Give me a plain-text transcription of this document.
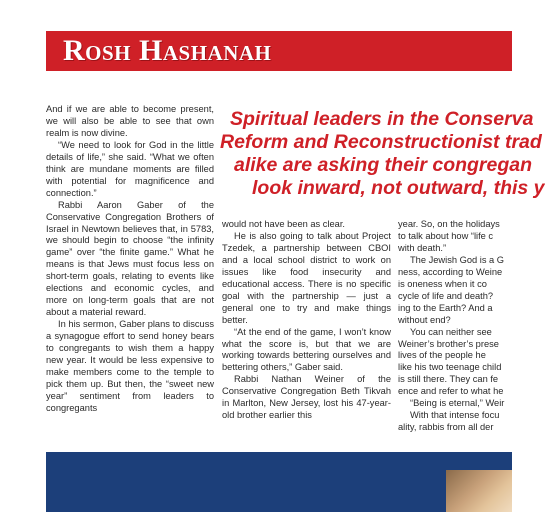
Rosh Hashanah

And if we are able to become present, we will also be able to see that own realm is now divine.

“We need to look for God in the little details of life,” she said. “What we often think are mundane moments are filled with potential for magnificence and connection.”

Rabbi Aaron Gaber of the Conservative Congregation Brothers of Israel in Newtown believes that, in 5783, we should begin to choose “the infinity game” over “the finite game.” What he means is that Jews must focus less on short-term goals, relating to events like elections and economic cycles, and more on long-term goals that are not about a material reward.

In his sermon, Gaber plans to discuss a synagogue effort to send honey bears to congregants to wish them a happy new year. It would be less expensive to make members come to the temple to pick them up. But then, the “sweet new year” sentiment from leaders to congregants

Spiritual leaders in the Conserva
Reform and Reconstructionist trad
alike are asking their congregan
look inward, not outward, this y

would not have been as clear.

He is also going to talk about Project Tzedek, a partnership between CBOI and a local school district to work on issues like food insecurity and educational access. There is no specific goal with the partnership — just a general one to try and make things better.

“At the end of the game, I won’t know what the score is, but that we are working towards bettering ourselves and bettering others,” Gaber said.

Rabbi Nathan Weiner of the Conservative Congregation Beth Tikvah in Marlton, New Jersey, lost his 47-year-old brother earlier this

year. So, on the holidays
to talk about how “life c
with death.”
The Jewish God is a G
ness, according to Weine
is oneness when it co
cycle of life and death?
ing to the Earth? And a
without end?
You can neither see
Weiner’s brother’s prese
lives of the people he
like his two teenage child
is still there. They can fe
ence and refer to what he
“Being is eternal,” Weir
With that intense focu
ality, rabbis from all der
